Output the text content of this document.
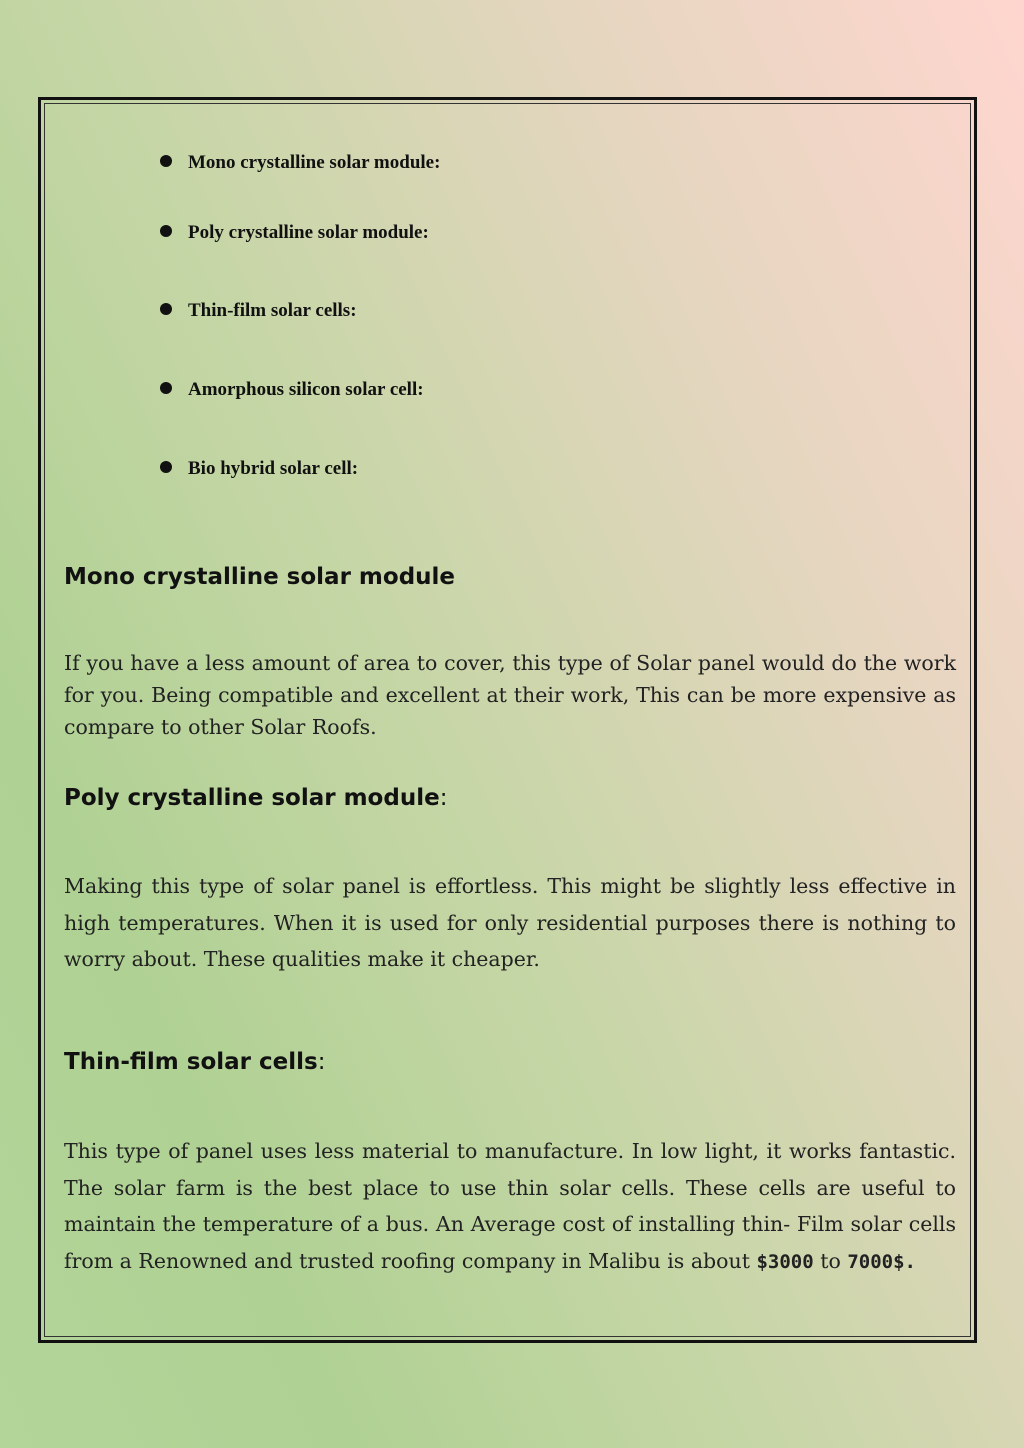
Mono crystalline solar module:
Poly crystalline solar module:
Thin-film solar cells:
Amorphous silicon solar cell:
Bio hybrid solar cell:
Mono crystalline solar module

If you have a less amount of area to cover, this type of Solar panel would do the work for you. Being compatible and excellent at their work, This can be more expensive as compare to other Solar Roofs.

Poly crystalline solar module:

Making this type of solar panel is effortless. This might be slightly less effective in high temperatures. When it is used for only residential purposes there is nothing to worry about. These qualities make it cheaper.

Thin-film solar cells:

This type of panel uses less material to manufacture. In low light, it works fantastic. The solar farm is the best place to use thin solar cells. These cells are useful to maintain the temperature of a bus. An Average cost of installing thin- Film solar cells from a Renowned and trusted roofing company in Malibu is about $3000 to 7000$.
